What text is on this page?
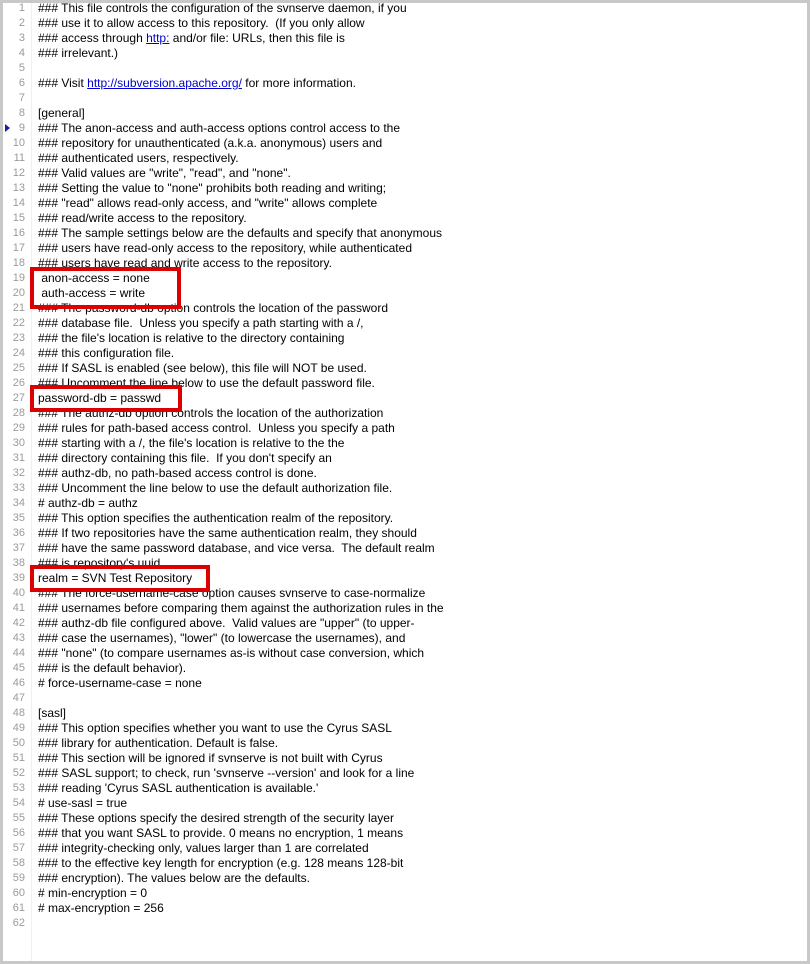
1 ### This file controls the configuration of the svnserve daemon, if you
2 ### use it to allow access to this repository.  (If you only allow
3 ### access through http: and/or file: URLs, then this file is
4 ### irrelevant.)
5
6 ### Visit http://subversion.apache.org/ for more information.
7
8 [general]
9 ### The anon-access and auth-access options control access to the
10 ### repository for unauthenticated (a.k.a. anonymous) users and
11 ### authenticated users, respectively.
12 ### Valid values are "write", "read", and "none".
13 ### Setting the value to "none" prohibits both reading and writing;
14 ### "read" allows read-only access, and "write" allows complete
15 ### read/write access to the repository.
16 ### The sample settings below are the defaults and specify that anonymous
17 ### users have read-only access to the repository, while authenticated
18 ### users have read and write access to the repository.
19 anon-access = none
20 auth-access = write
21 ### The password-db option controls the location of the password
22 ### database file.  Unless you specify a path starting with a /,
23 ### the file's location is relative to the directory containing
24 ### this configuration file.
25 ### If SASL is enabled (see below), this file will NOT be used.
26 ### Uncomment the line below to use the default password file.
27 password-db = passwd
28 ### The authz-db option controls the location of the authorization
29 ### rules for path-based access control.  Unless you specify a path
30 ### starting with a /, the file's location is relative to the the
31 ### directory containing this file.  If you don't specify an
32 ### authz-db, no path-based access control is done.
33 ### Uncomment the line below to use the default authorization file.
34 # authz-db = authz
35 ### This option specifies the authentication realm of the repository.
36 ### If two repositories have the same authentication realm, they should
37 ### have the same password database, and vice versa.  The default realm
38 ### is repository's uuid.
39 realm = SVN Test Repository
40 ### The force-username-case option causes svnserve to case-normalize
41 ### usernames before comparing them against the authorization rules in the
42 ### authz-db file configured above.  Valid values are "upper" (to upper-
43 ### case the usernames), "lower" (to lowercase the usernames), and
44 ### "none" (to compare usernames as-is without case conversion, which
45 ### is the default behavior).
46 # force-username-case = none
47
48 [sasl]
49 ### This option specifies whether you want to use the Cyrus SASL
50 ### library for authentication. Default is false.
51 ### This section will be ignored if svnserve is not built with Cyrus
52 ### SASL support; to check, run 'svnserve --version' and look for a line
53 ### reading 'Cyrus SASL authentication is available.'
54 # use-sasl = true
55 ### These options specify the desired strength of the security layer
56 ### that you want SASL to provide. 0 means no encryption, 1 means
57 ### integrity-checking only, values larger than 1 are correlated
58 ### to the effective key length for encryption (e.g. 128 means 128-bit
59 ### encryption). The values below are the defaults.
60 # min-encryption = 0
61 # max-encryption = 256
62
